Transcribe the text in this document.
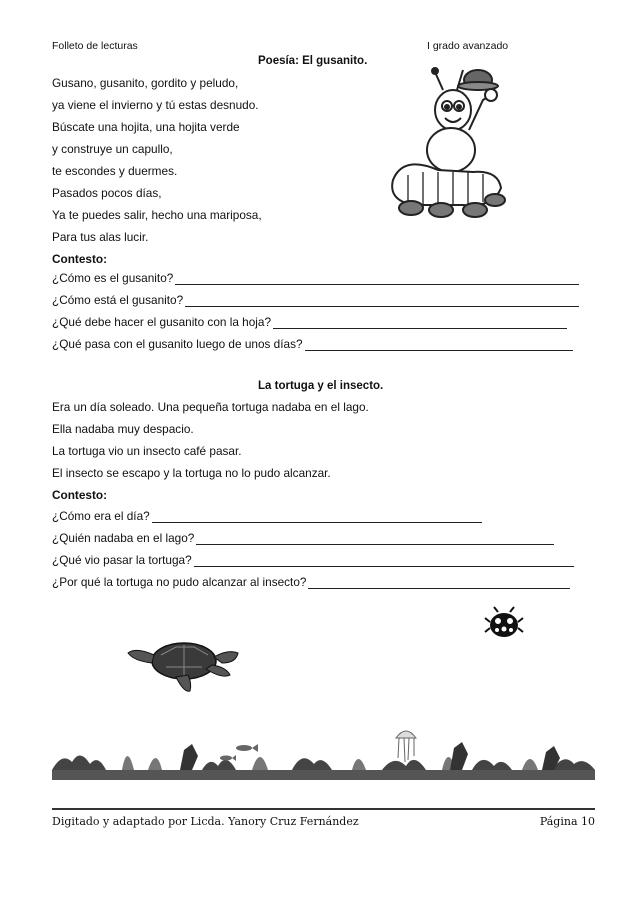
Folleto de lecturas	I grado avanzado
Poesía: El gusanito.
Gusano, gusanito, gordito y peludo,
ya viene el invierno y tú estas desnudo.
Búscate una hojita, una hojita verde
y construye un capullo,
te escondes y duermes.
Pasados pocos días,
Ya te puedes salir, hecho una mariposa,
Para tus alas lucir.
Contesto:
¿Cómo es el gusanito?
¿Cómo está el gusanito?
¿Qué debe hacer el gusanito con la hoja?
¿Qué pasa con el gusanito luego de unos días?
La tortuga y el insecto.
Era un día soleado. Una pequeña tortuga nadaba en el lago.
Ella nadaba muy despacio.
La tortuga vio un insecto café pasar.
El insecto se escapo y la tortuga no lo pudo alcanzar.
Contesto:
¿Cómo era el día?
¿Quién nadaba en el lago?
¿Qué vio pasar la tortuga?
¿Por qué la tortuga no pudo alcanzar al insecto?
Digitado y adaptado por Licda. Yanory Cruz Fernández	Página 10
